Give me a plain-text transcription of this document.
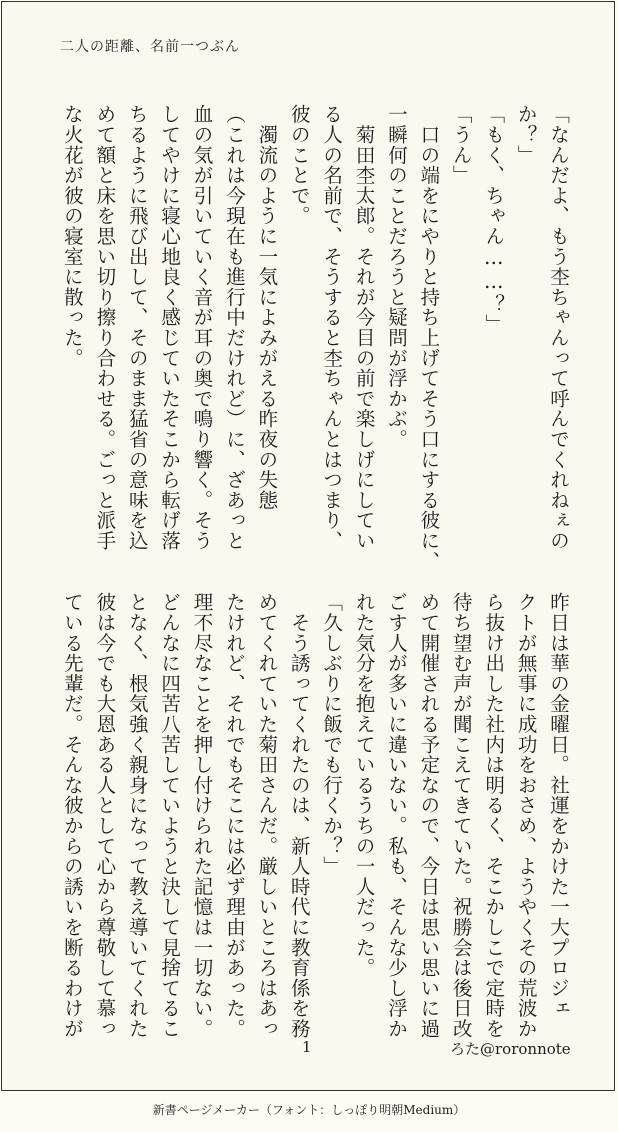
二人の距離、名前一つぶん
「なんだよ、もう杢ちゃんって呼んでくれねぇの
か？」
「もく、ちゃん……？」
「うん」
　口の端をにやりと持ち上げてそう口にする彼に、
一瞬何のことだろうと疑問が浮かぶ。
　菊田杢太郎。それが今目の前で楽しげにしてい
る人の名前で、そうすると杢ちゃんとはつまり、
彼のことで。
　濁流のように一気によみがえる昨夜の失態
（これは今現在も進行中だけれど）に、ざあっと
血の気が引いていく音が耳の奥で鳴り響く。そう
してやけに寝心地良く感じていたそこから転げ落
ちるように飛び出して、そのまま猛省の意味を込
めて額と床を思い切り擦り合わせる。ごっと派手
な火花が彼の寝室に散った。
昨日は華の金曜日。社運をかけた一大プロジェ
クトが無事に成功をおさめ、ようやくその荒波か
ら抜け出した社内は明るく、そこかしこで定時を
待ち望む声が聞こえてきていた。祝勝会は後日改
めて開催される予定なので、今日は思い思いに過
ごす人が多いに違いない。私も、そんな少し浮か
れた気分を抱えているうちの一人だった。
「久しぶりに飯でも行くか？」
　そう誘ってくれたのは、新人時代に教育係を務
めてくれていた菊田さんだ。厳しいところはあっ
たけれど、それでもそこには必ず理由があった。
理不尽なことを押し付けられた記憶は一切ない。
どんなに四苦八苦していようと決して見捨てるこ
となく、根気強く親身になって教え導いてくれた
彼は今でも大恩ある人として心から尊敬して慕っ
ている先輩だ。そんな彼からの誘いを断るわけが
1	ろた@roronnote
新書ページメーカー（フォント：しっぽり明朝Medium）
